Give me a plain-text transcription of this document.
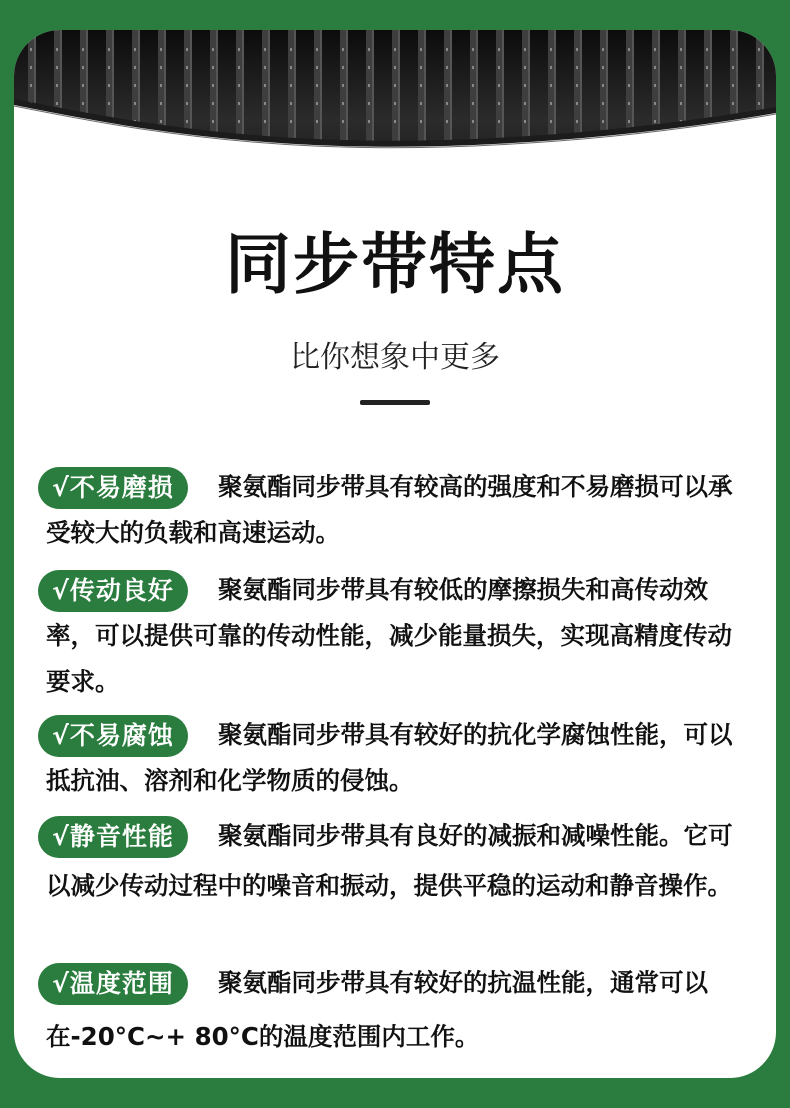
同步带特点
比你想象中更多

聚氨酯同步带具有较高的强度和不易磨损可以承受较大的负载和高速运动。

√不易磨损

聚氨酯同步带具有较低的摩擦损失和高传动效率，可以提供可靠的传动性能，减少能量损失，实现高精度传动要求。

√传动良好

聚氨酯同步带具有较好的抗化学腐蚀性能，可以抵抗油、溶剂和化学物质的侵蚀。

√不易腐蚀

聚氨酯同步带具有良好的减振和减噪性能。它可以减少传动过程中的噪音和振动，提供平稳的运动和静音操作。

√静音性能

聚氨酯同步带具有较好的抗温性能，通常可以在-20°C~+ 80°C的温度范围内工作。

√温度范围
